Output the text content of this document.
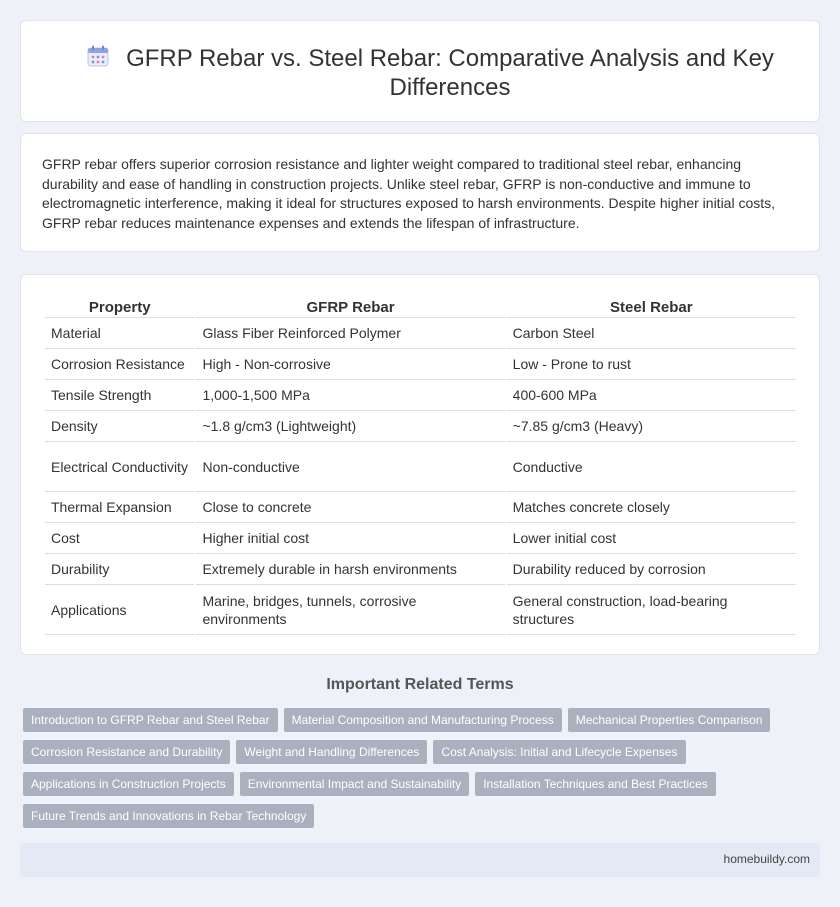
GFRP Rebar vs. Steel Rebar: Comparative Analysis and Key Differences

GFRP rebar offers superior corrosion resistance and lighter weight compared to traditional steel rebar, enhancing durability and ease of handling in construction projects. Unlike steel rebar, GFRP is non-conductive and immune to electromagnetic interference, making it ideal for structures exposed to harsh environments. Despite higher initial costs, GFRP rebar reduces maintenance expenses and extends the lifespan of infrastructure.

Property	GFRP Rebar	Steel Rebar
Material	Glass Fiber Reinforced Polymer	Carbon Steel
Corrosion Resistance	High - Non-corrosive	Low - Prone to rust
Tensile Strength	1,000-1,500 MPa	400-600 MPa
Density	~1.8 g/cm3 (Lightweight)	~7.85 g/cm3 (Heavy)
Electrical Conductivity	Non-conductive	Conductive
Thermal Expansion	Close to concrete	Matches concrete closely
Cost	Higher initial cost	Lower initial cost
Durability	Extremely durable in harsh environments	Durability reduced by corrosion
Applications	Marine, bridges, tunnels, corrosive environments	General construction, load-bearing structures
Important Related Terms
Introduction to GFRP Rebar and Steel Rebar	Material Composition and Manufacturing Process	Mechanical Properties Comparison
Corrosion Resistance and Durability	Weight and Handling Differences	Cost Analysis: Initial and Lifecycle Expenses
Applications in Construction Projects	Environmental Impact and Sustainability	Installation Techniques and Best Practices
Future Trends and Innovations in Rebar Technology
homebuildy.com
